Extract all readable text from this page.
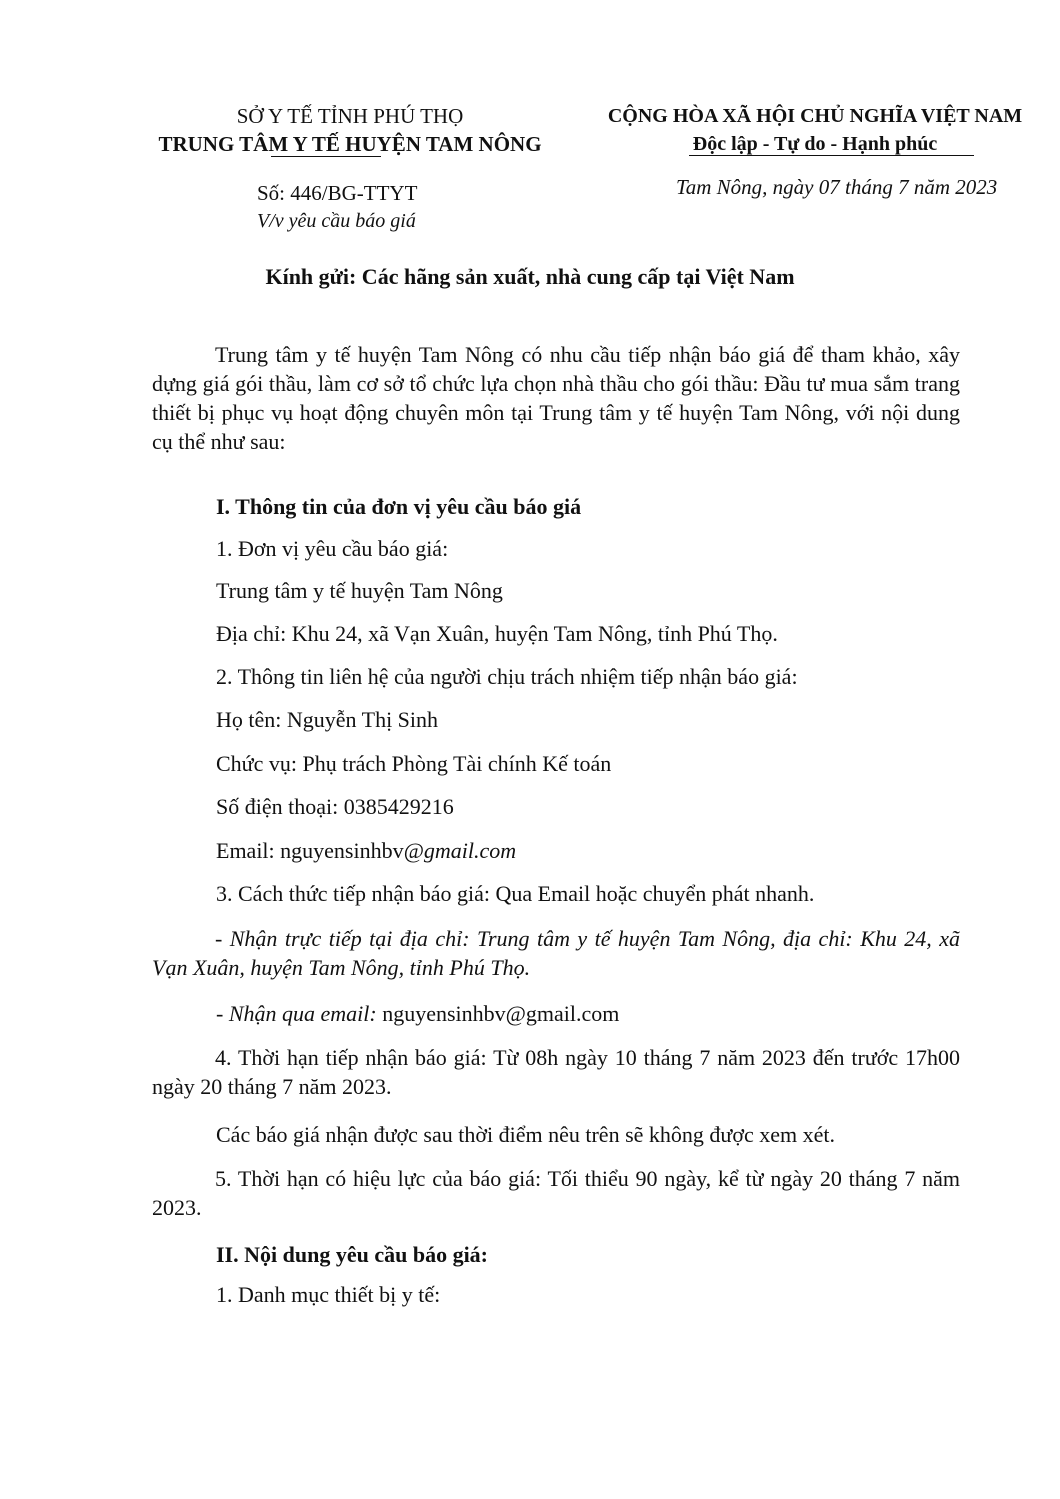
SỞ Y TẾ TỈNH PHÚ THỌ
TRUNG TÂM Y TẾ HUYỆN TAM NÔNG
CỘNG HÒA XÃ HỘI CHỦ NGHĨA VIỆT NAM
Độc lập - Tự do - Hạnh phúc
Số: 446/BG-TTYT
V/v yêu cầu báo giá
Tam Nông, ngày 07 tháng 7 năm 2023
Kính gửi: Các hãng sản xuất, nhà cung cấp tại Việt Nam
Trung tâm y tế huyện Tam Nông có nhu cầu tiếp nhận báo giá để tham khảo, xây dựng giá gói thầu, làm cơ sở tổ chức lựa chọn nhà thầu cho gói thầu: Đầu tư mua sắm trang thiết bị phục vụ hoạt động chuyên môn tại Trung tâm y tế huyện Tam Nông, với nội dung cụ thể như sau:
I. Thông tin của đơn vị yêu cầu báo giá
1. Đơn vị yêu cầu báo giá:
Trung tâm y tế huyện Tam Nông
Địa chỉ: Khu 24, xã Vạn Xuân, huyện Tam Nông, tỉnh Phú Thọ.
2. Thông tin liên hệ của người chịu trách nhiệm tiếp nhận báo giá:
Họ tên: Nguyễn Thị Sinh
Chức vụ: Phụ trách Phòng Tài chính Kế toán
Số điện thoại: 0385429216
Email: nguyensinhbv@gmail.com
3. Cách thức tiếp nhận báo giá: Qua Email hoặc chuyển phát nhanh.
- Nhận trực tiếp tại địa chỉ: Trung tâm y tế huyện Tam Nông, địa chỉ: Khu 24, xã Vạn Xuân, huyện Tam Nông, tỉnh Phú Thọ.
- Nhận qua email: nguyensinhbv@gmail.com
4. Thời hạn tiếp nhận báo giá: Từ 08h ngày 10 tháng 7 năm 2023 đến trước 17h00 ngày 20 tháng 7 năm 2023.
Các báo giá nhận được sau thời điểm nêu trên sẽ không được xem xét.
5. Thời hạn có hiệu lực của báo giá: Tối thiểu 90 ngày, kể từ ngày 20 tháng 7 năm 2023.
II. Nội dung yêu cầu báo giá:
1. Danh mục thiết bị y tế:
